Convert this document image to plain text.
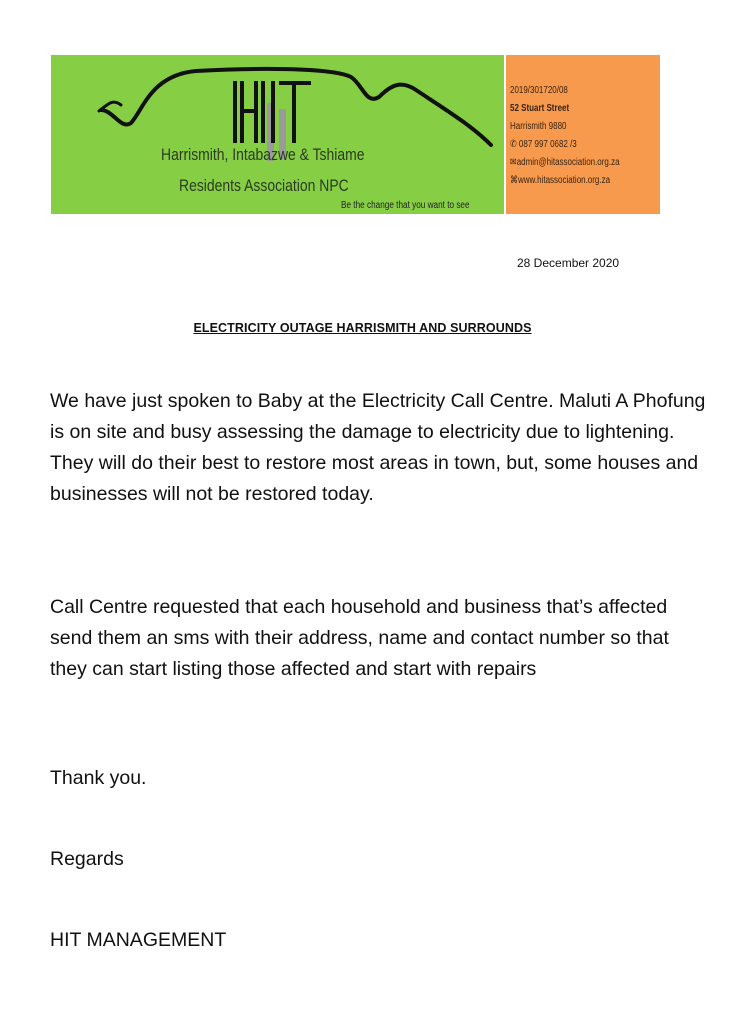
Harrismith, Intabazwe & Tshiame
Residents Association NPC
Be the change that you want to see
2019/301720/08
52 Stuart Street
Harrismith 9880
✆ 087 997 0682 /3
✉admin@hitassociation.org.za
⌘www.hitassociation.org.za
28 December 2020
ELECTRICITY OUTAGE HARRISMITH AND SURROUNDS

We have just spoken to Baby at the Electricity Call Centre. Maluti A Phofung is on site and busy assessing the damage to electricity due to lightening. They will do their best to restore most areas in town, but, some houses and businesses will not be restored today.

Call Centre requested that each household and business that’s affected send them an sms with their address, name and contact number so that they can start listing those affected and start with repairs

Thank you.
Regards
HIT MANAGEMENT
